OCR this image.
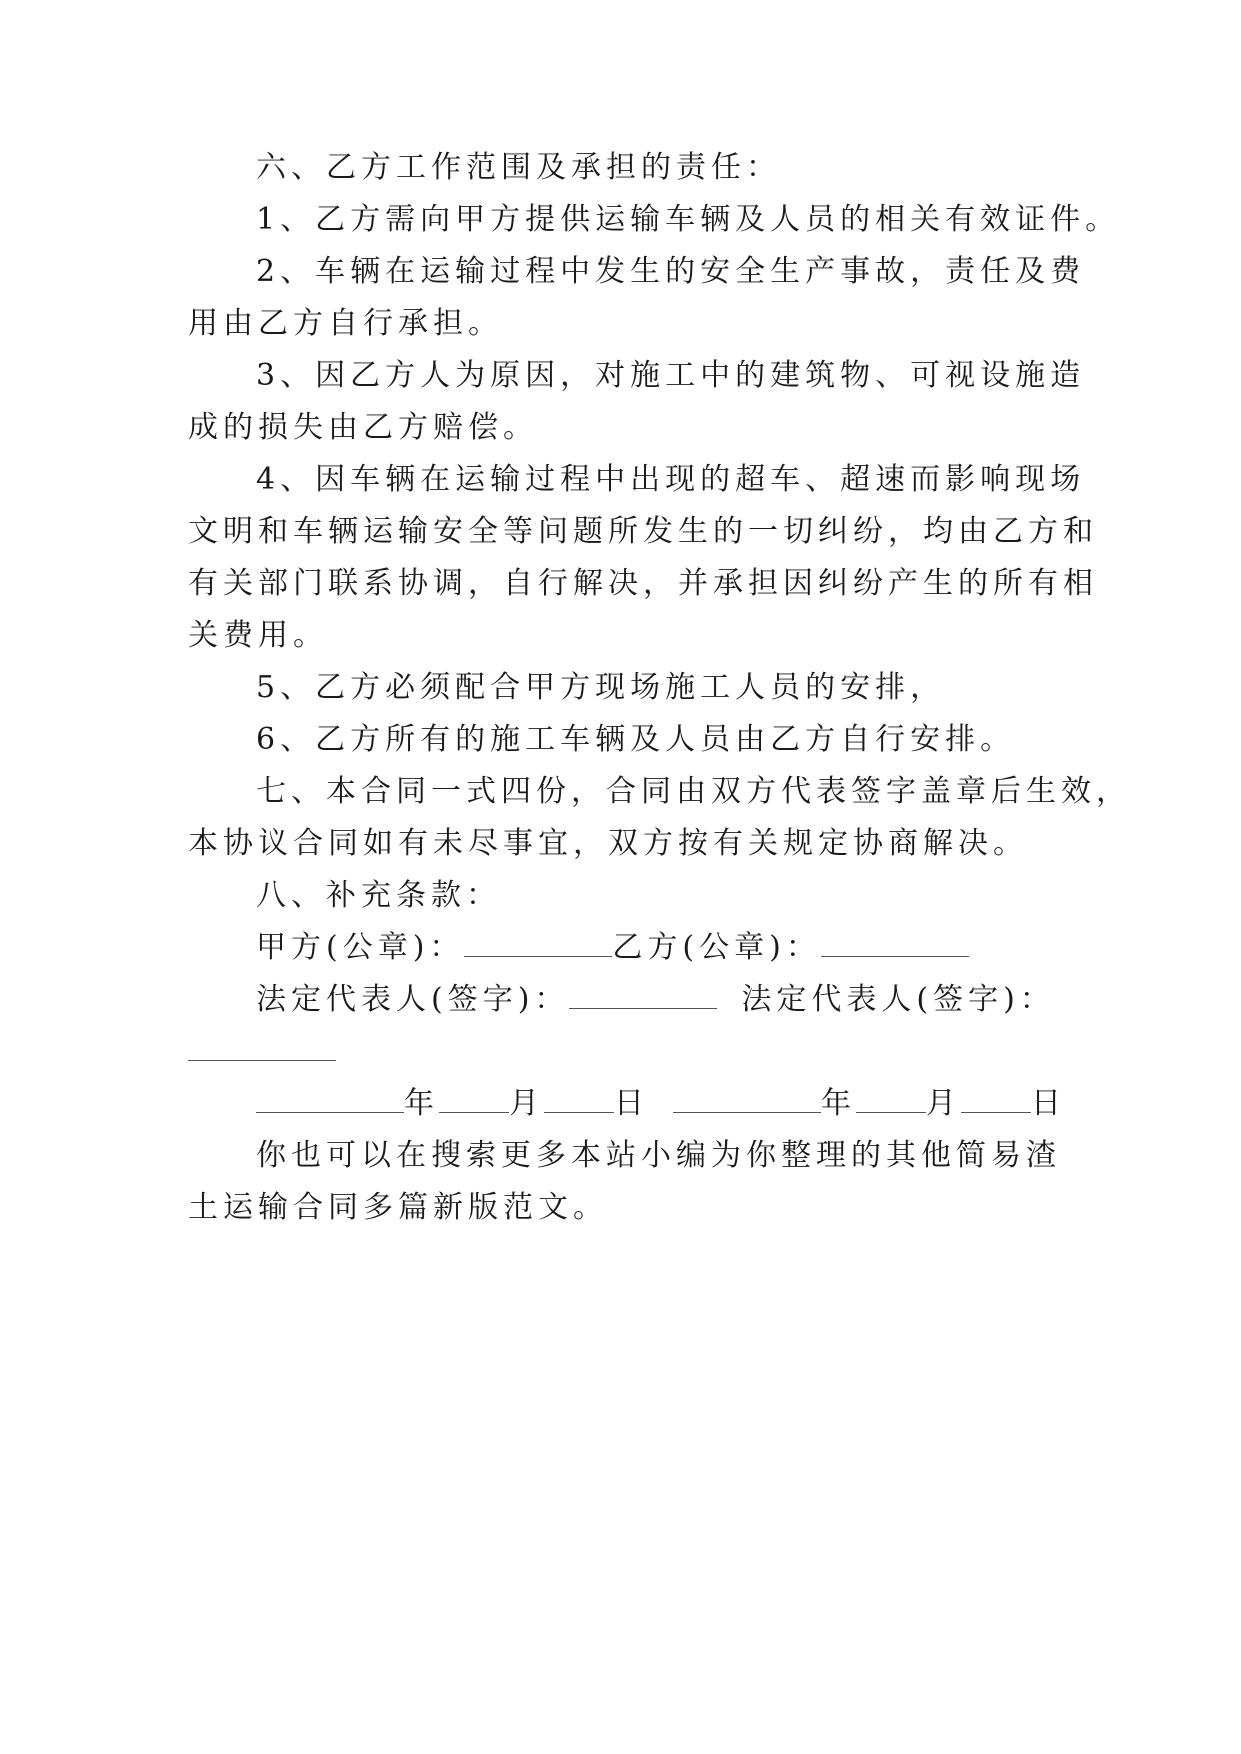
六、乙方工作范围及承担的责任：
1、乙方需向甲方提供运输车辆及人员的相关有效证件。
2、车辆在运输过程中发生的安全生产事故，责任及费
用由乙方自行承担。
3、因乙方人为原因，对施工中的建筑物、可视设施造
成的损失由乙方赔偿。
4、因车辆在运输过程中出现的超车、超速而影响现场
文明和车辆运输安全等问题所发生的一切纠纷，均由乙方和
有关部门联系协调，自行解决，并承担因纠纷产生的所有相
关费用。
5、乙方必须配合甲方现场施工人员的安排，
6、乙方所有的施工车辆及人员由乙方自行安排。
七、本合同一式四份，合同由双方代表签字盖章后生效，
本协议合同如有未尽事宜，双方按有关规定协商解决。
八、补充条款：
甲方(公章)：	乙方(公章)：
法定代表人(签字)：	法定代表人(签字)：
年 月 日	年 月 日
你也可以在搜索更多本站小编为你整理的其他简易渣
土运输合同多篇新版范文。
